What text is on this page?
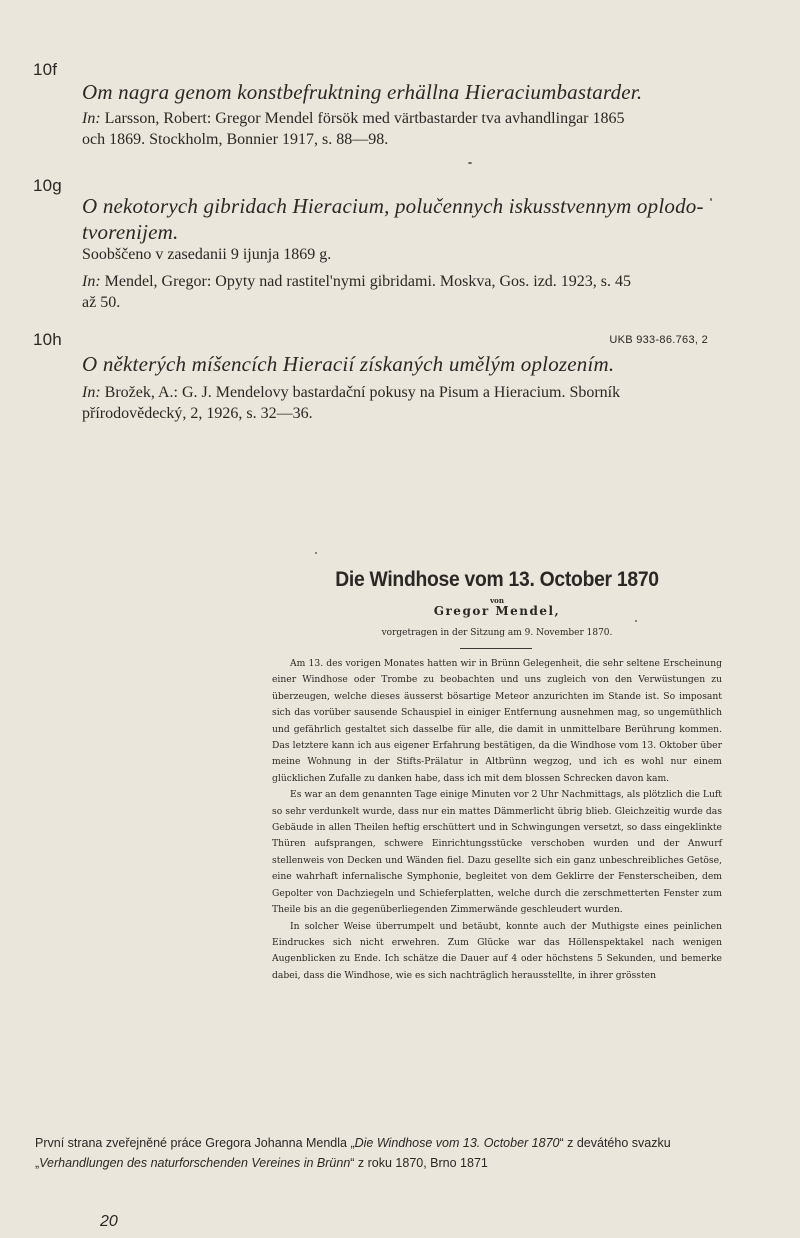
10f
Om nagra genom konstbefruktning erhällna Hieraciumbastarder.
In: Larsson, Robert: Gregor Mendel försök med värtbastarder tva avhandlingar 1865
och 1869. Stockholm, Bonnier 1917, s. 88—98.
10g
O nekotorych gibridach Hieracium, polučennych iskusstvennym oplodo-
tvorenijem.
Soobščeno v zasedanii 9 ijunja 1869 g.
In: Mendel, Gregor: Opyty nad rastitel'nymi gibridami. Moskva, Gos. izd. 1923, s. 45
až 50.
10h	UKB 933-86.763, 2
O některých míšencích Hieracií získaných umělým oplozením.
In: Brožek, A.: G. J. Mendelovy bastardační pokusy na Pisum a Hieracium. Sborník
přírodovědecký, 2, 1926, s. 32—36.
Die Windhose vom 13. October 1870
von
Gregor Mendel,
vorgetragen in der Sitzung am 9. November 1870.

Am 13. des vorigen Monates hatten wir in Brünn Gelegenheit, die sehr seltene Erscheinung einer Windhose oder Trombe zu beobachten und uns zugleich von den Verwüstungen zu überzeugen, welche dieses äusserst bösartige Meteor anzurichten im Stande ist. So imposant sich das vorüber sausende Schauspiel in einiger Entfernung ausnehmen mag, so ungemüthlich und gefährlich gestaltet sich dasselbe für alle, die damit in unmittelbare Berührung kommen. Das letztere kann ich aus eigener Erfahrung bestätigen, da die Windhose vom 13. Oktober über meine Wohnung in der Stifts-Prälatur in Altbrünn wegzog, und ich es wohl nur einem glücklichen Zufalle zu danken habe, dass ich mit dem blossen Schrecken davon kam.

Es war an dem genannten Tage einige Minuten vor 2 Uhr Nachmittags, als plötzlich die Luft so sehr verdunkelt wurde, dass nur ein mattes Dämmerlicht übrig blieb. Gleichzeitig wurde das Gebäude in allen Theilen heftig erschüttert und in Schwingungen versetzt, so dass eingeklinkte Thüren aufsprangen, schwere Einrichtungsstücke verschoben wurden und der Anwurf stellenweis von Decken und Wänden fiel. Dazu gesellte sich ein ganz unbeschreibliches Getöse, eine wahrhaft infernalische Symphonie, begleitet von dem Geklirre der Fensterscheiben, dem Gepolter von Dachziegeln und Schieferplatten, welche durch die zerschmetterten Fenster zum Theile bis an die gegenüberliegenden Zimmerwände geschleudert wurden.

In solcher Weise überrumpelt und betäubt, konnte auch der Muthigste eines peinlichen Eindruckes sich nicht erwehren. Zum Glücke war das Höllenspektakel nach wenigen Augenblicken zu Ende. Ich schätze die Dauer auf 4 oder höchstens 5 Sekunden, und bemerke dabei, dass die Windhose, wie es sich nachträglich herausstellte, in ihrer grössten

První strana zveřejněné práce Gregora Johanna Mendla „Die Windhose vom 13. October 1870“ z devátého svazku „Verhandlungen des naturforschenden Vereines in Brünn“ z roku 1870, Brno 1871
20
